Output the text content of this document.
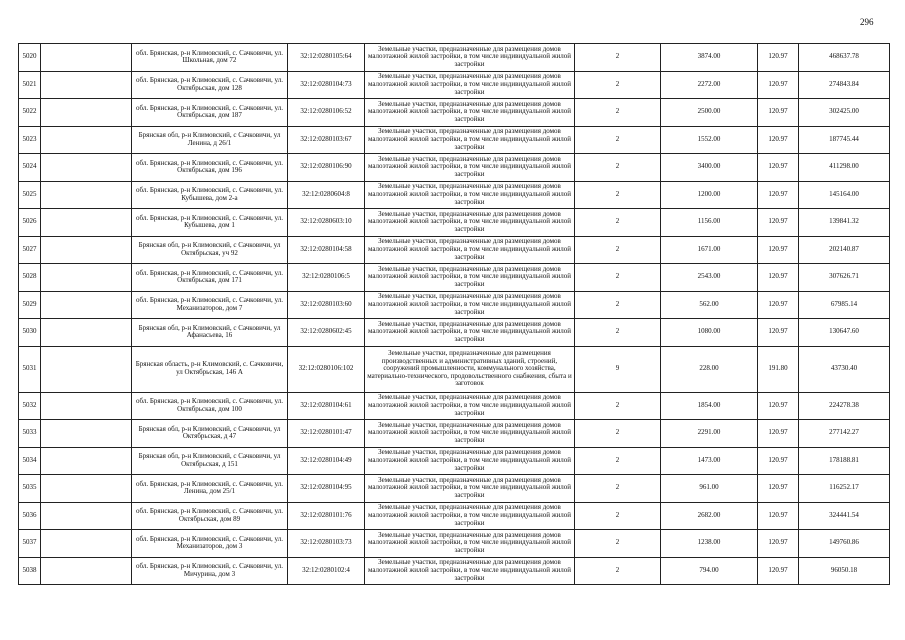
296
5020		обл. Брянская, р-н Климовский, с. Сачковичи, ул. Школьная, дом 72	32:12:0280105:64	Земельные участки, предназначенные для размещения домов малоэтажной жилой застройки, в том числе индивидуальной жилой застройки	2	3874.00	120.97	468637.78
5021		обл. Брянская, р-н Климовский, с. Сачковичи, ул. Октябрьская, дом 128	32:12:0280104:73	Земельные участки, предназначенные для размещения домов малоэтажной жилой застройки, в том числе индивидуальной жилой застройки	2	2272.00	120.97	274843.84
5022		обл. Брянская, р-н Климовский, с. Сачковичи, ул. Октябрьская, дом 187	32:12:0280106:52	Земельные участки, предназначенные для размещения домов малоэтажной жилой застройки, в том числе индивидуальной жилой застройки	2	2500.00	120.97	302425.00
5023		Брянская обл, р-н Климовский, с Сачковичи, ул Ленина, д 26/1	32:12:0280103:67	Земельные участки, предназначенные для размещения домов малоэтажной жилой застройки, в том числе индивидуальной жилой застройки	2	1552.00	120.97	187745.44
5024		обл. Брянская, р-н Климовский, с. Сачковичи, ул. Октябрьская, дом 196	32:12:0280106:90	Земельные участки, предназначенные для размещения домов малоэтажной жилой застройки, в том числе индивидуальной жилой застройки	2	3400.00	120.97	411298.00
5025		обл. Брянская, р-н Климовский, с. Сачковичи, ул. Кубышева, дом 2-а	32:12:0280604:8	Земельные участки, предназначенные для размещения домов малоэтажной жилой застройки, в том числе индивидуальной жилой застройки	2	1200.00	120.97	145164.00
5026		обл. Брянская, р-н Климовский, с. Сачковичи, ул. Кубышева, дом 1	32:12:0280603:10	Земельные участки, предназначенные для размещения домов малоэтажной жилой застройки, в том числе индивидуальной жилой застройки	2	1156.00	120.97	139841.32
5027		Брянская обл, р-н Климовский, с Сачковичи, ул Октябрьская, уч 92	32:12:0280104:58	Земельные участки, предназначенные для размещения домов малоэтажной жилой застройки, в том числе индивидуальной жилой застройки	2	1671.00	120.97	202140.87
5028		обл. Брянская, р-н Климовский, с. Сачковичи, ул. Октябрьская, дом 171	32:12:0280106:5	Земельные участки, предназначенные для размещения домов малоэтажной жилой застройки, в том числе индивидуальной жилой застройки	2	2543.00	120.97	307626.71
5029		обл. Брянская, р-н Климовский, с. Сачковичи, ул. Механизаторов, дом 7	32:12:0280103:60	Земельные участки, предназначенные для размещения домов малоэтажной жилой застройки, в том числе индивидуальной жилой застройки	2	562.00	120.97	67985.14
5030		Брянская обл, р-н Климовский, с Сачковичи, ул Афанасьева, 16	32:12:0280602:45	Земельные участки, предназначенные для размещения домов малоэтажной жилой застройки, в том числе индивидуальной жилой застройки	2	1080.00	120.97	130647.60
5031		Брянская область, р-н Климовский, с. Сачковичи, ул Октябрьская, 146 А	32:12:0280106:102	Земельные участки, предназначенные для размещения производственных и административных зданий, строений, сооружений промышленности, коммунального хозяйства, материально-технического, продовольственного снабжения, сбыта и заготовок	9	228.00	191.80	43730.40
5032		обл. Брянская, р-н Климовский, с. Сачковичи, ул. Октябрьская, дом 100	32:12:0280104:61	Земельные участки, предназначенные для размещения домов малоэтажной жилой застройки, в том числе индивидуальной жилой застройки	2	1854.00	120.97	224278.38
5033		Брянская обл, р-н Климовский, с Сачковичи, ул Октябрьская, д 47	32:12:0280101:47	Земельные участки, предназначенные для размещения домов малоэтажной жилой застройки, в том числе индивидуальной жилой застройки	2	2291.00	120.97	277142.27
5034		Брянская обл, р-н Климовский, с Сачковичи, ул Октябрьская, д 151	32:12:0280104:49	Земельные участки, предназначенные для размещения домов малоэтажной жилой застройки, в том числе индивидуальной жилой застройки	2	1473.00	120.97	178188.81
5035		обл. Брянская, р-н Климовский, с. Сачковичи, ул. Ленина, дом 25/1	32:12:0280104:95	Земельные участки, предназначенные для размещения домов малоэтажной жилой застройки, в том числе индивидуальной жилой застройки	2	961.00	120.97	116252.17
5036		обл. Брянская, р-н Климовский, с. Сачковичи, ул. Октябрьская, дом 89	32:12:0280101:76	Земельные участки, предназначенные для размещения домов малоэтажной жилой застройки, в том числе индивидуальной жилой застройки	2	2682.00	120.97	324441.54
5037		обл. Брянская, р-н Климовский, с. Сачковичи, ул. Механизаторов, дом 3	32:12:0280103:73	Земельные участки, предназначенные для размещения домов малоэтажной жилой застройки, в том числе индивидуальной жилой застройки	2	1238.00	120.97	149760.86
5038		обл. Брянская, р-н Климовский, с. Сачковичи, ул. Мичурина, дом 3	32:12:0280102:4	Земельные участки, предназначенные для размещения домов малоэтажной жилой застройки, в том числе индивидуальной жилой застройки	2	794.00	120.97	96050.18
